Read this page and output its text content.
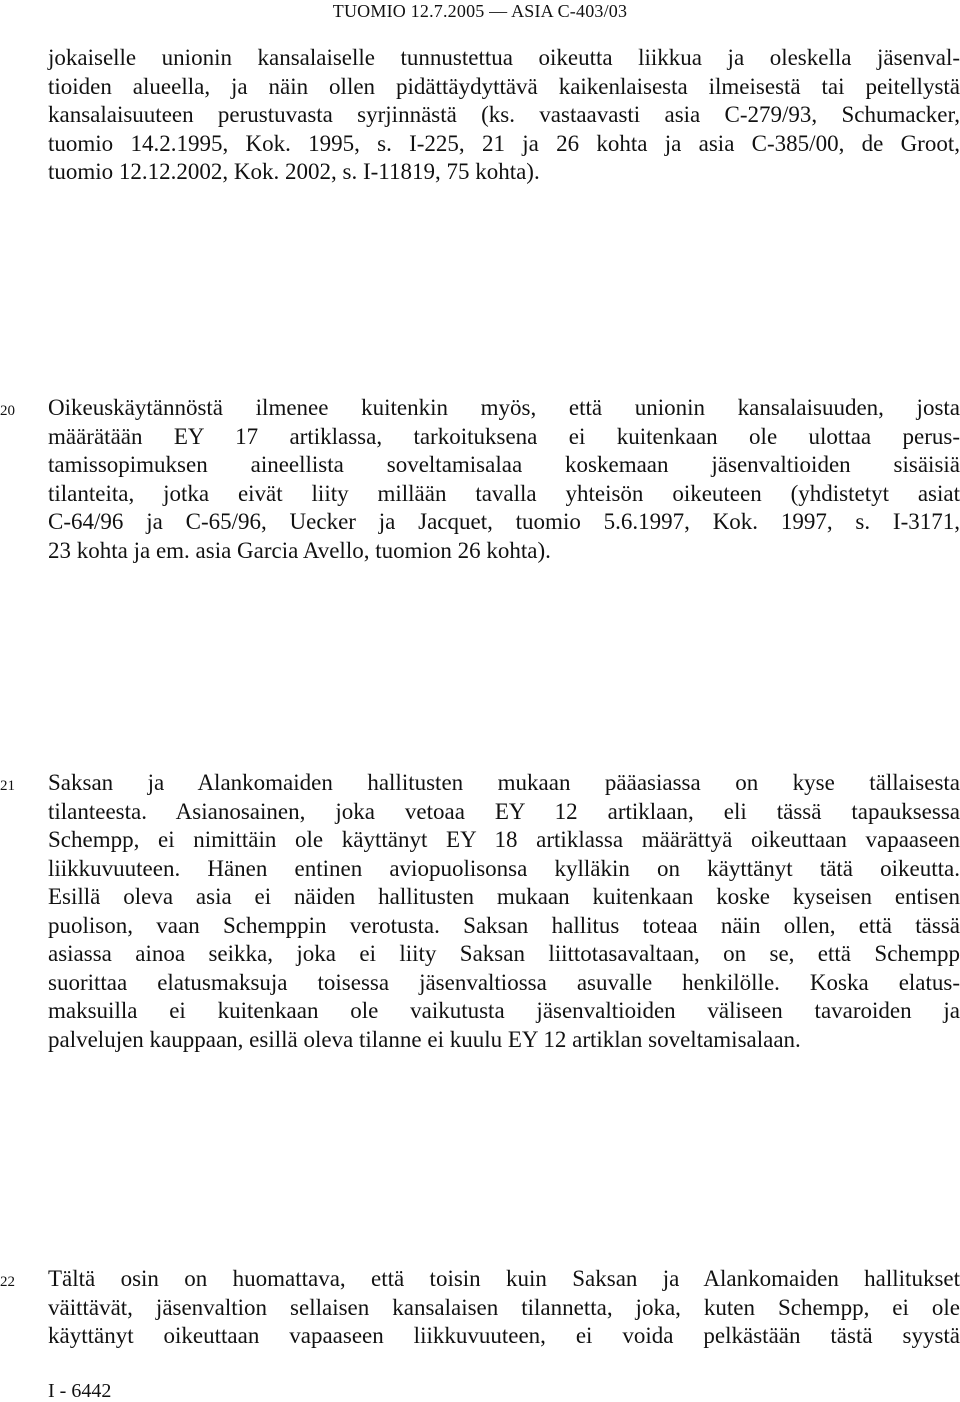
TUOMIO 12.7.2005 — ASIA C-403/03
jokaiselle unionin kansalaiselle tunnustettua oikeutta liikkua ja oleskella jäsenval-
tioiden alueella, ja näin ollen pidättäydyttävä kaikenlaisesta ilmeisestä tai peitellystä
kansalaisuuteen perustuvasta syrjinnästä (ks. vastaavasti asia C-279/93, Schumacker,
tuomio 14.2.1995, Kok. 1995, s. I-225, 21 ja 26 kohta ja asia C-385/00, de Groot,
tuomio 12.12.2002, Kok. 2002, s. I-11819, 75 kohta).
20	Oikeuskäytännöstä ilmenee kuitenkin myös, että unionin kansalaisuuden, josta
määrätään EY 17 artiklassa, tarkoituksena ei kuitenkaan ole ulottaa perus-
tamissopimuksen aineellista soveltamisalaa koskemaan jäsenvaltioiden sisäisiä
tilanteita, jotka eivät liity millään tavalla yhteisön oikeuteen (yhdistetyt asiat
C-64/96 ja C-65/96, Uecker ja Jacquet, tuomio 5.6.1997, Kok. 1997, s. I-3171,
23 kohta ja em. asia Garcia Avello, tuomion 26 kohta).
21	Saksan ja Alankomaiden hallitusten mukaan pääasiassa on kyse tällaisesta
tilanteesta. Asianosainen, joka vetoaa EY 12 artiklaan, eli tässä tapauksessa
Schempp, ei nimittäin ole käyttänyt EY 18 artiklassa määrättyä oikeuttaan vapaaseen
liikkuvuuteen. Hänen entinen aviopuolisonsa kylläkin on käyttänyt tätä oikeutta.
Esillä oleva asia ei näiden hallitusten mukaan kuitenkaan koske kyseisen entisen
puolison, vaan Schemppin verotusta. Saksan hallitus toteaa näin ollen, että tässä
asiassa ainoa seikka, joka ei liity Saksan liittotasavaltaan, on se, että Schempp
suorittaa elatusmaksuja toisessa jäsenvaltiossa asuvalle henkilölle. Koska elatus-
maksuilla ei kuitenkaan ole vaikutusta jäsenvaltioiden väliseen tavaroiden ja
palvelujen kauppaan, esillä oleva tilanne ei kuulu EY 12 artiklan soveltamisalaan.
22	Tältä osin on huomattava, että toisin kuin Saksan ja Alankomaiden hallitukset
väittävät, jäsenvaltion sellaisen kansalaisen tilannetta, joka, kuten Schempp, ei ole
käyttänyt oikeuttaan vapaaseen liikkuvuuteen, ei voida pelkästään tästä syystä
I - 6442
